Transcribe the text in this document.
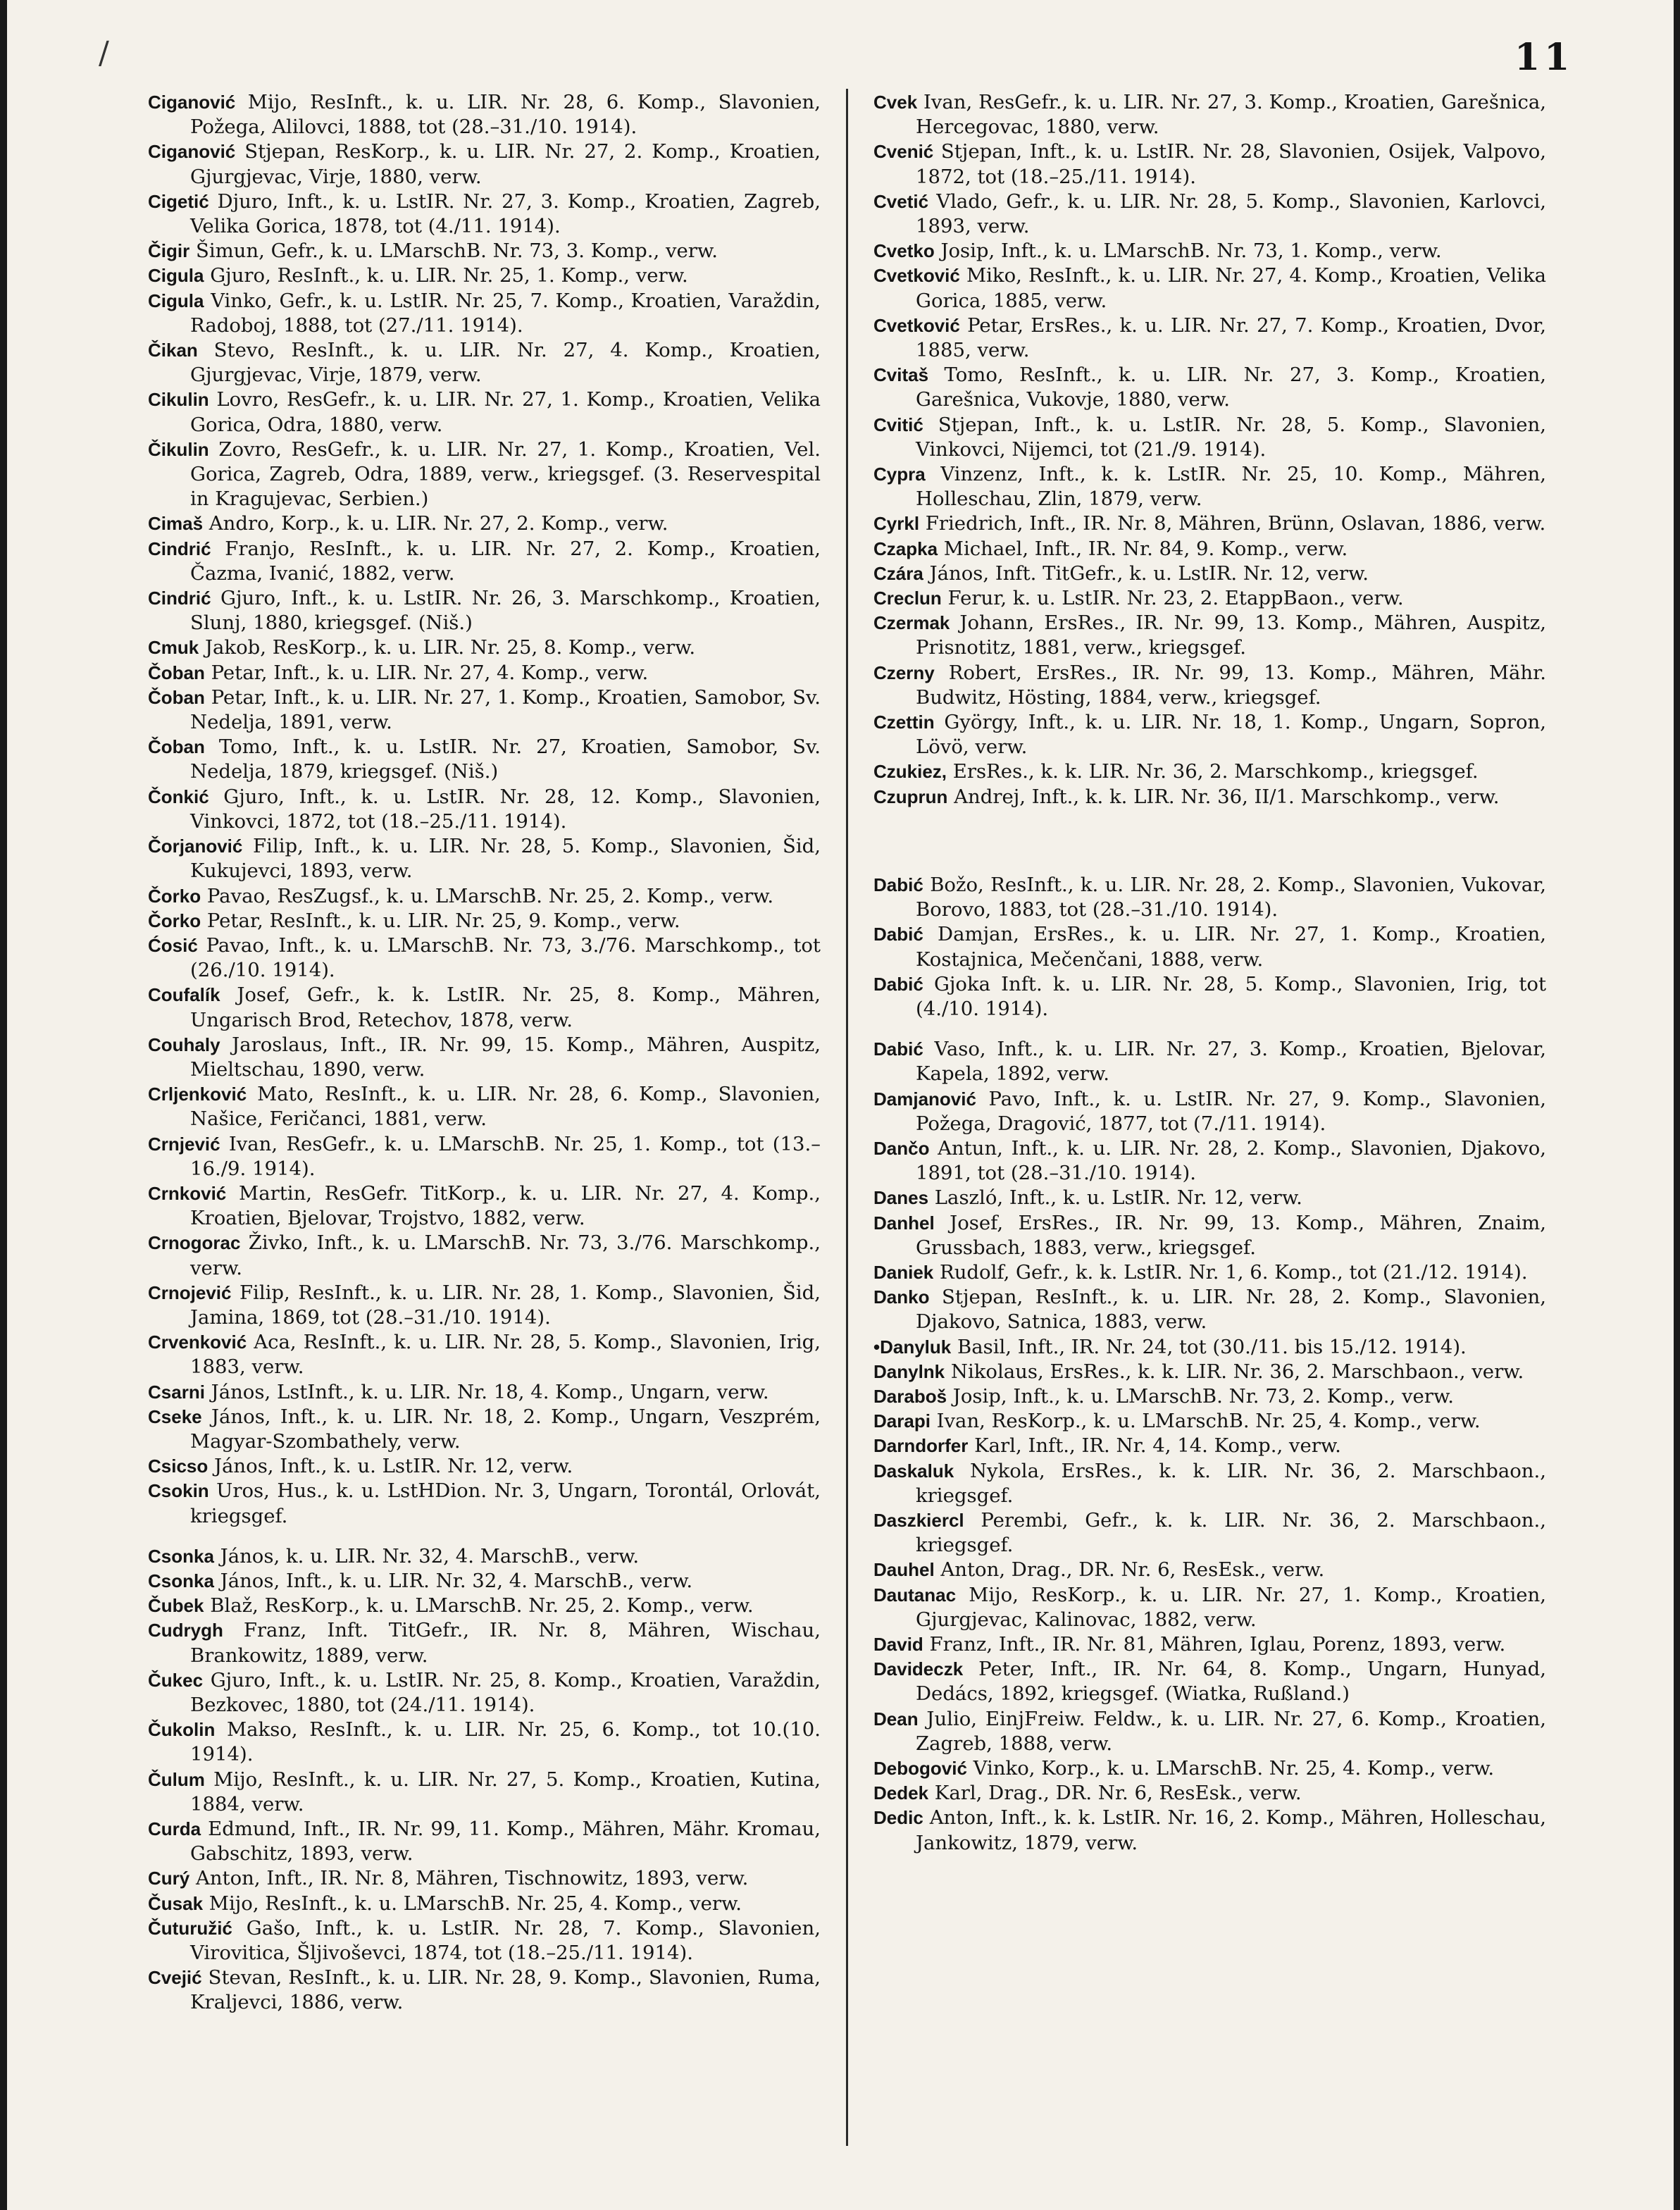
/	11
Ciganović Mijo, ResInft., k. u. LIR. Nr. 28, 6. Komp., Slavonien, Požega, Alilovci, 1888, tot (28.–31./10. 1914).
Ciganović Stjepan, ResKorp., k. u. LIR. Nr. 27, 2. Komp., Kroatien, Gjurgjevac, Virje, 1880, verw.
Cigetić Djuro, Inft., k. u. LstIR. Nr. 27, 3. Komp., Kroatien, Zagreb, Velika Gorica, 1878, tot (4./11. 1914).
Čigir Šimun, Gefr., k. u. LMarschB. Nr. 73, 3. Komp., verw.
Cigula Gjuro, ResInft., k. u. LIR. Nr. 25, 1. Komp., verw.
Cigula Vinko, Gefr., k. u. LstIR. Nr. 25, 7. Komp., Kroatien, Varaždin, Radoboj, 1888, tot (27./11. 1914).
Čikan Stevo, ResInft., k. u. LIR. Nr. 27, 4. Komp., Kroatien, Gjurgjevac, Virje, 1879, verw.
Cikulin Lovro, ResGefr., k. u. LIR. Nr. 27, 1. Komp., Kroatien, Velika Gorica, Odra, 1880, verw.
Čikulin Zovro, ResGefr., k. u. LIR. Nr. 27, 1. Komp., Kroatien, Vel. Gorica, Zagreb, Odra, 1889, verw., kriegsgef. (3. Reservespital in Kragujevac, Serbien.)
Cimaš Andro, Korp., k. u. LIR. Nr. 27, 2. Komp., verw.
Cindrić Franjo, ResInft., k. u. LIR. Nr. 27, 2. Komp., Kroatien, Čazma, Ivanić, 1882, verw.
Cindrić Gjuro, Inft., k. u. LstIR. Nr. 26, 3. Marschkomp., Kroatien, Slunj, 1880, kriegsgef. (Niš.)
Cmuk Jakob, ResKorp., k. u. LIR. Nr. 25, 8. Komp., verw.
Čoban Petar, Inft., k. u. LIR. Nr. 27, 4. Komp., verw.
Čoban Petar, Inft., k. u. LIR. Nr. 27, 1. Komp., Kroatien, Samobor, Sv. Nedelja, 1891, verw.
Čoban Tomo, Inft., k. u. LstIR. Nr. 27, Kroatien, Samobor, Sv. Nedelja, 1879, kriegsgef. (Niš.)
Čonkić Gjuro, Inft., k. u. LstIR. Nr. 28, 12. Komp., Slavonien, Vinkovci, 1872, tot (18.–25./11. 1914).
Čorjanović Filip, Inft., k. u. LIR. Nr. 28, 5. Komp., Slavonien, Šid, Kukujevci, 1893, verw.
Čorko Pavao, ResZugsf., k. u. LMarschB. Nr. 25, 2. Komp., verw.
Čorko Petar, ResInft., k. u. LIR. Nr. 25, 9. Komp., verw.
Ćosić Pavao, Inft., k. u. LMarschB. Nr. 73, 3./76. Marschkomp., tot (26./10. 1914).
Coufalík Josef, Gefr., k. k. LstIR. Nr. 25, 8. Komp., Mähren, Ungarisch Brod, Retechov, 1878, verw.
Couhaly Jaroslaus, Inft., IR. Nr. 99, 15. Komp., Mähren, Auspitz, Mieltschau, 1890, verw.
Crljenković Mato, ResInft., k. u. LIR. Nr. 28, 6. Komp., Slavonien, Našice, Feričanci, 1881, verw.
Crnjević Ivan, ResGefr., k. u. LMarschB. Nr. 25, 1. Komp., tot (13.–16./9. 1914).
Crnković Martin, ResGefr. TitKorp., k. u. LIR. Nr. 27, 4. Komp., Kroatien, Bjelovar, Trojstvo, 1882, verw.
Crnogorac Živko, Inft., k. u. LMarschB. Nr. 73, 3./76. Marschkomp., verw.
Crnojević Filip, ResInft., k. u. LIR. Nr. 28, 1. Komp., Slavonien, Šid, Jamina, 1869, tot (28.–31./10. 1914).
Crvenković Aca, ResInft., k. u. LIR. Nr. 28, 5. Komp., Slavonien, Irig, 1883, verw.
Csarni János, LstInft., k. u. LIR. Nr. 18, 4. Komp., Ungarn, verw.
Cseke János, Inft., k. u. LIR. Nr. 18, 2. Komp., Ungarn, Veszprém, Magyar-Szombathely, verw.
Csicso János, Inft., k. u. LstIR. Nr. 12, verw.
Csokin Uros, Hus., k. u. LstHDion. Nr. 3, Ungarn, Torontál, Orlovát, kriegsgef.
Csonka János, k. u. LIR. Nr. 32, 4. MarschB., verw.
Csonka János, Inft., k. u. LIR. Nr. 32, 4. MarschB., verw.
Čubek Blaž, ResKorp., k. u. LMarschB. Nr. 25, 2. Komp., verw.
Cudrygh Franz, Inft. TitGefr., IR. Nr. 8, Mähren, Wischau, Brankowitz, 1889, verw.
Čukec Gjuro, Inft., k. u. LstIR. Nr. 25, 8. Komp., Kroatien, Varaždin, Bezkovec, 1880, tot (24./11. 1914).
Čukolin Makso, ResInft., k. u. LIR. Nr. 25, 6. Komp., tot 10.(10. 1914).
Čulum Mijo, ResInft., k. u. LIR. Nr. 27, 5. Komp., Kroatien, Kutina, 1884, verw.
Curda Edmund, Inft., IR. Nr. 99, 11. Komp., Mähren, Mähr. Kromau, Gabschitz, 1893, verw.
Curý Anton, Inft., IR. Nr. 8, Mähren, Tischnowitz, 1893, verw.
Čusak Mijo, ResInft., k. u. LMarschB. Nr. 25, 4. Komp., verw.
Čuturužić Gašo, Inft., k. u. LstIR. Nr. 28, 7. Komp., Slavonien, Virovitica, Šljivoševci, 1874, tot (18.–25./11. 1914).
Cvejić Stevan, ResInft., k. u. LIR. Nr. 28, 9. Komp., Slavonien, Ruma, Kraljevci, 1886, verw.
Cvek Ivan, ResGefr., k. u. LIR. Nr. 27, 3. Komp., Kroatien, Garešnica, Hercegovac, 1880, verw.
Cvenić Stjepan, Inft., k. u. LstIR. Nr. 28, Slavonien, Osijek, Valpovo, 1872, tot (18.–25./11. 1914).
Cvetić Vlado, Gefr., k. u. LIR. Nr. 28, 5. Komp., Slavonien, Karlovci, 1893, verw.
Cvetko Josip, Inft., k. u. LMarschB. Nr. 73, 1. Komp., verw.
Cvetković Miko, ResInft., k. u. LIR. Nr. 27, 4. Komp., Kroatien, Velika Gorica, 1885, verw.
Cvetković Petar, ErsRes., k. u. LIR. Nr. 27, 7. Komp., Kroatien, Dvor, 1885, verw.
Cvitaš Tomo, ResInft., k. u. LIR. Nr. 27, 3. Komp., Kroatien, Garešnica, Vukovje, 1880, verw.
Cvitić Stjepan, Inft., k. u. LstIR. Nr. 28, 5. Komp., Slavonien, Vinkovci, Nijemci, tot (21./9. 1914).
Cypra Vinzenz, Inft., k. k. LstIR. Nr. 25, 10. Komp., Mähren, Holleschau, Zlin, 1879, verw.
Cyrkl Friedrich, Inft., IR. Nr. 8, Mähren, Brünn, Oslavan, 1886, verw.
Czapka Michael, Inft., IR. Nr. 84, 9. Komp., verw.
Czára János, Inft. TitGefr., k. u. LstIR. Nr. 12, verw.
Creclun Ferur, k. u. LstIR. Nr. 23, 2. EtappBaon., verw.
Czermak Johann, ErsRes., IR. Nr. 99, 13. Komp., Mähren, Auspitz, Prisnotitz, 1881, verw., kriegsgef.
Czerny Robert, ErsRes., IR. Nr. 99, 13. Komp., Mähren, Mähr. Budwitz, Hösting, 1884, verw., kriegsgef.
Czettin György, Inft., k. u. LIR. Nr. 18, 1. Komp., Ungarn, Sopron, Lövö, verw.
Czukiez, ErsRes., k. k. LIR. Nr. 36, 2. Marschkomp., kriegsgef.
Czuprun Andrej, Inft., k. k. LIR. Nr. 36, II/1. Marschkomp., verw.
Dabić Božo, ResInft., k. u. LIR. Nr. 28, 2. Komp., Slavonien, Vukovar, Borovo, 1883, tot (28.–31./10. 1914).
Dabić Damjan, ErsRes., k. u. LIR. Nr. 27, 1. Komp., Kroatien, Kostajnica, Mečenčani, 1888, verw.
Dabić Gjoka Inft. k. u. LIR. Nr. 28, 5. Komp., Slavonien, Irig, tot (4./10. 1914).
Dabić Vaso, Inft., k. u. LIR. Nr. 27, 3. Komp., Kroatien, Bjelovar, Kapela, 1892, verw.
Damjanović Pavo, Inft., k. u. LstIR. Nr. 27, 9. Komp., Slavonien, Požega, Dragović, 1877, tot (7./11. 1914).
Dančo Antun, Inft., k. u. LIR. Nr. 28, 2. Komp., Slavonien, Djakovo, 1891, tot (28.–31./10. 1914).
Danes Laszló, Inft., k. u. LstIR. Nr. 12, verw.
Danhel Josef, ErsRes., IR. Nr. 99, 13. Komp., Mähren, Znaim, Grussbach, 1883, verw., kriegsgef.
Daniek Rudolf, Gefr., k. k. LstIR. Nr. 1, 6. Komp., tot (21./12. 1914).
Danko Stjepan, ResInft., k. u. LIR. Nr. 28, 2. Komp., Slavonien, Djakovo, Satnica, 1883, verw.
•Danyluk Basil, Inft., IR. Nr. 24, tot (30./11. bis 15./12. 1914).
Danylnk Nikolaus, ErsRes., k. k. LIR. Nr. 36, 2. Marschbaon., verw.
Daraboš Josip, Inft., k. u. LMarschB. Nr. 73, 2. Komp., verw.
Darapi Ivan, ResKorp., k. u. LMarschB. Nr. 25, 4. Komp., verw.
Darndorfer Karl, Inft., IR. Nr. 4, 14. Komp., verw.
Daskaluk Nykola, ErsRes., k. k. LIR. Nr. 36, 2. Marschbaon., kriegsgef.
Daszkiercl Perembi, Gefr., k. k. LIR. Nr. 36, 2. Marschbaon., kriegsgef.
Dauhel Anton, Drag., DR. Nr. 6, ResEsk., verw.
Dautanac Mijo, ResKorp., k. u. LIR. Nr. 27, 1. Komp., Kroatien, Gjurgjevac, Kalinovac, 1882, verw.
David Franz, Inft., IR. Nr. 81, Mähren, Iglau, Porenz, 1893, verw.
Davideczk Peter, Inft., IR. Nr. 64, 8. Komp., Ungarn, Hunyad, Dedács, 1892, kriegsgef. (Wiatka, Rußland.)
Dean Julio, EinjFreiw. Feldw., k. u. LIR. Nr. 27, 6. Komp., Kroatien, Zagreb, 1888, verw.
Debogović Vinko, Korp., k. u. LMarschB. Nr. 25, 4. Komp., verw.
Dedek Karl, Drag., DR. Nr. 6, ResEsk., verw.
Dedic Anton, Inft., k. k. LstIR. Nr. 16, 2. Komp., Mähren, Holleschau, Jankowitz, 1879, verw.
